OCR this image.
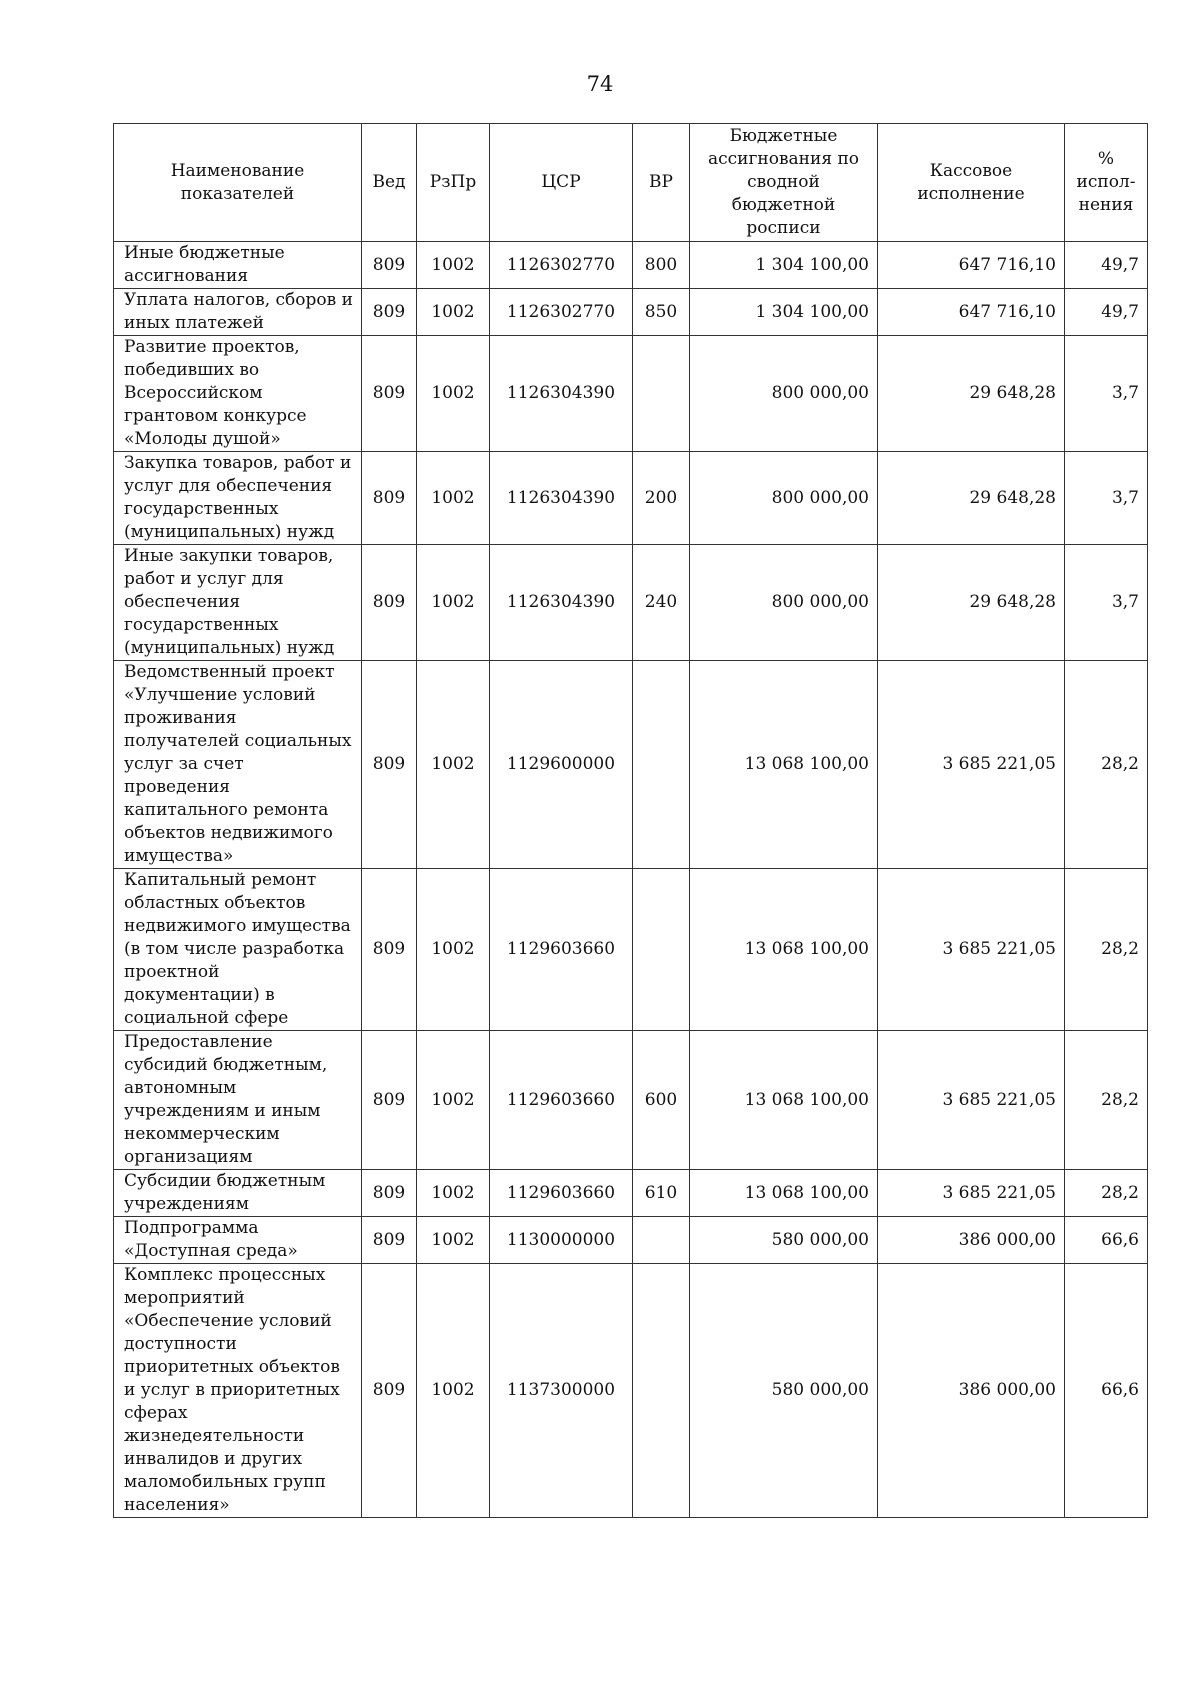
74
Наименование показателей	Вед	РзПр	ЦСР	ВР	Бюджетные ассигнования по сводной бюджетной росписи	Кассовое исполнение	% испол-нения
Иные бюджетные ассигнования	809	1002	1126302770	800	1 304 100,00	647 716,10	49,7
Уплата налогов, сборов и иных платежей	809	1002	1126302770	850	1 304 100,00	647 716,10	49,7
Развитие проектов, победивших во Всероссийском грантовом конкурсе «Молоды душой»	809	1002	1126304390		800 000,00	29 648,28	3,7
Закупка товаров, работ и услуг для обеспечения государственных (муниципальных) нужд	809	1002	1126304390	200	800 000,00	29 648,28	3,7
Иные закупки товаров, работ и услуг для обеспечения государственных (муниципальных) нужд	809	1002	1126304390	240	800 000,00	29 648,28	3,7
Ведомственный проект «Улучшение условий проживания получателей социальных услуг за счет проведения капитального ремонта объектов недвижимого имущества»	809	1002	1129600000		13 068 100,00	3 685 221,05	28,2
Капитальный ремонт областных объектов недвижимого имущества (в том числе разработка проектной документации) в социальной сфере	809	1002	1129603660		13 068 100,00	3 685 221,05	28,2
Предоставление субсидий бюджетным, автономным учреждениям и иным некоммерческим организациям	809	1002	1129603660	600	13 068 100,00	3 685 221,05	28,2
Субсидии бюджетным учреждениям	809	1002	1129603660	610	13 068 100,00	3 685 221,05	28,2
Подпрограмма «Доступная среда»	809	1002	1130000000		580 000,00	386 000,00	66,6
Комплекс процессных мероприятий «Обеспечение условий доступности приоритетных объектов и услуг в приоритетных сферах жизнедеятельности инвалидов и других маломобильных групп населения»	809	1002	1137300000		580 000,00	386 000,00	66,6
